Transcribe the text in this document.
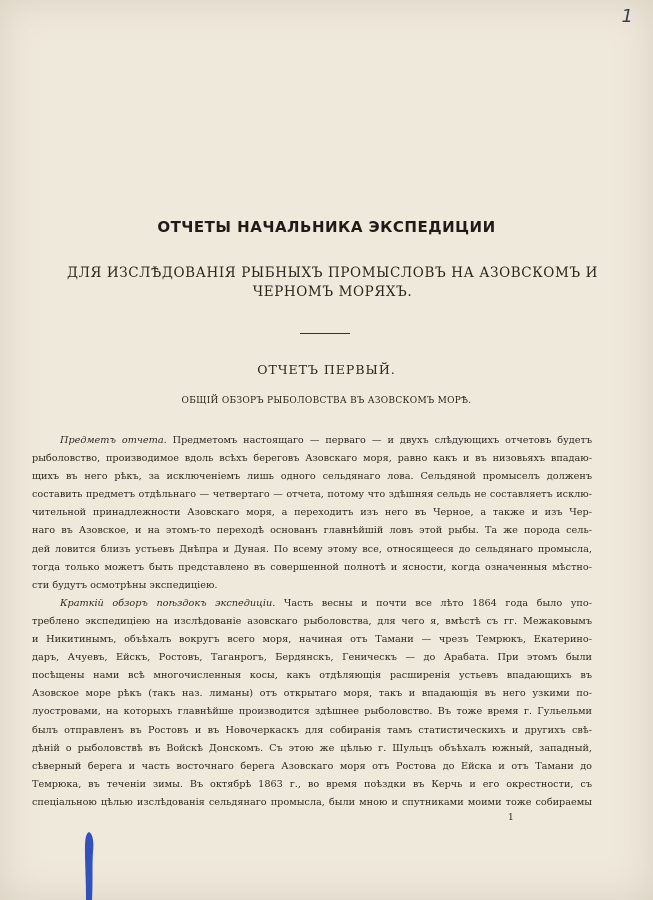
1
ОТЧЕТЫ НАЧАЛЬНИКА ЭКСПЕДИЦИИ
ДЛЯ ИЗСЛѢДОВАНІЯ РЫБНЫХЪ ПРОМЫСЛОВЪ НА АЗОВСКОМЪ И ЧЕРНОМЪ МОРЯХЪ.
ОТЧЕТЪ ПЕРВЫЙ.
ОБЩІЙ ОБЗОРЪ РЫБОЛОВСТВА ВЪ АЗОВСКОМЪ МОРѢ.
Предметъ отчета. Предметомъ настоящаго — перваго — и двухъ слѣдующихъ отчетовъ будетъ
рыболовство, производимое вдоль всѣхъ береговъ Азовскаго моря, равно какъ и въ низовьяхъ впадаю-
щихъ въ него рѣкъ, за исключеніемъ лишь одного сельдянаго лова. Сельдяной промыселъ долженъ
составить предметъ отдѣльнаго — четвертаго — отчета, потому что здѣшняя сельдь не составляетъ исклю-
чительной принадлежности Азовскаго моря, а переходитъ изъ него въ Черное, а также и изъ Чер-
наго въ Азовское, и на этомъ-то переходѣ основанъ главнѣйшій ловъ этой рыбы. Та же порода сель-
дей ловится близъ устьевъ Днѣпра и Дуная. По всему этому все, относящееся до сельдянаго промысла,
тогда только можетъ быть представлено въ совершенной полнотѣ и ясности, когда означенныя мѣстно-
сти будутъ осмотрѣны экспедиціею.
Краткій обзоръ поѣздокъ экспедиціи. Часть весны и почти все лѣто 1864 года было упо-
треблено экспедиціею на изслѣдованіе азовскаго рыболовства, для чего я, вмѣстѣ съ гг. Межаковымъ
и Никитинымъ, объѣхалъ вокругъ всего моря, начиная отъ Тамани — чрезъ Темрюкъ, Екатерино-
даръ, Ачуевъ, Ейскъ, Ростовъ, Таганрогъ, Бердянскъ, Геническъ — до Арабата. При этомъ были
посѣщены нами всѣ многочисленныя косы, какъ отдѣляющія расширенія устьевъ впадающихъ въ
Азовское море рѣкъ (такъ наз. лиманы) отъ открытаго моря, такъ и впадающія въ него узкими по-
луостровами, на которыхъ главнѣйше производится здѣшнее рыболовство. Въ тоже время г. Гульельми
былъ отправленъ въ Ростовъ и въ Новочеркаскъ для собиранія тамъ статистическихъ и другихъ свѣ-
дѣній о рыболовствѣ въ Войскѣ Донскомъ. Съ этою же цѣлью г. Шульцъ объѣхалъ южный, западный,
сѣверный берега и часть восточнаго берега Азовскаго моря отъ Ростова до Ейска и отъ Тамани до
Темрюка, въ теченіи зимы. Въ октябрѣ 1863 г., во время поѣздки въ Керчь и его окрестности, съ
спеціальною цѣлью изслѣдованія сельдянаго промысла, были мною и спутниками моими тоже собираемы
1
